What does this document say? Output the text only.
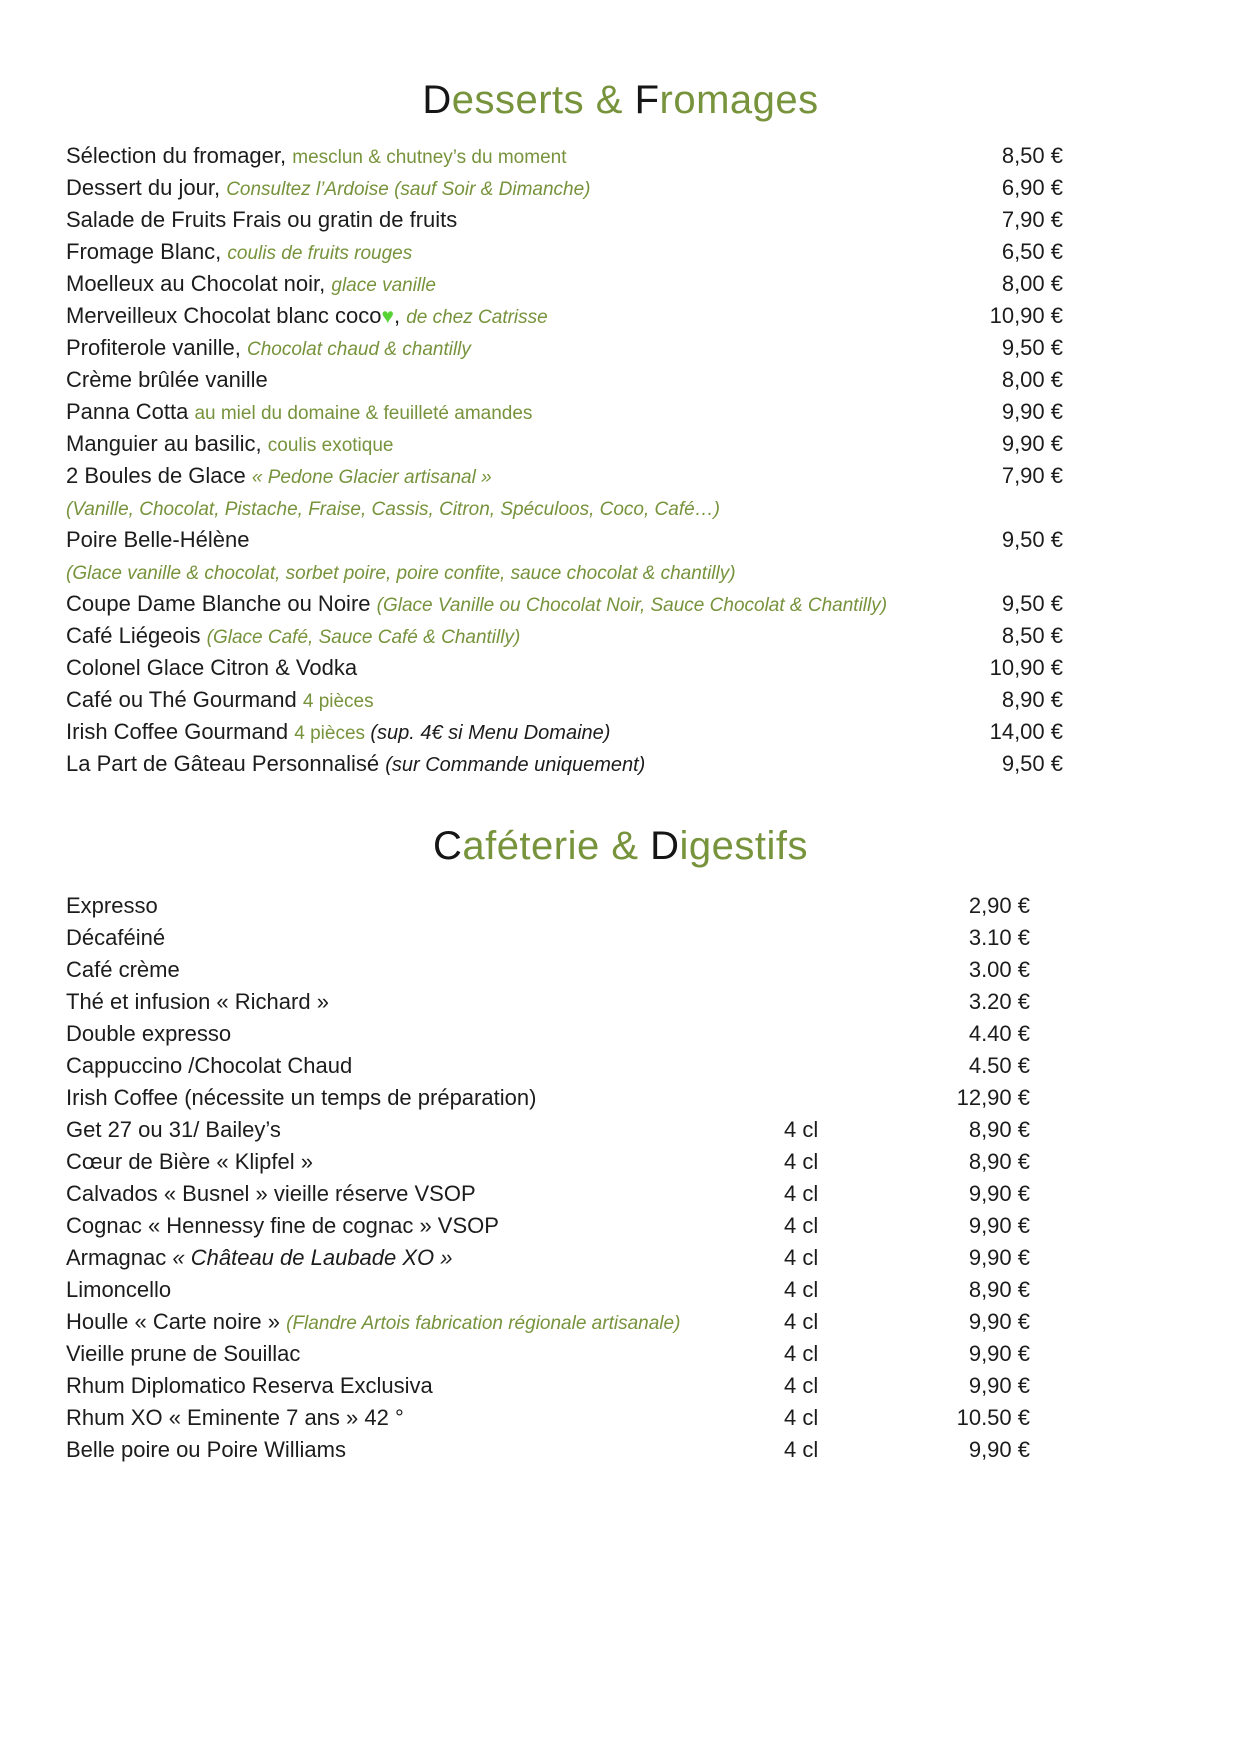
Desserts & Fromages
Sélection du fromager, mesclun & chutney’s du moment	8,50 €
Dessert du jour, Consultez l’Ardoise (sauf Soir & Dimanche)	6,90 €
Salade de Fruits Frais ou gratin de fruits	7,90 €
Fromage Blanc, coulis de fruits rouges	6,50 €
Moelleux au Chocolat noir, glace vanille	8,00 €
Merveilleux Chocolat blanc coco♥, de chez Catrisse	10,90 €
Profiterole vanille, Chocolat chaud & chantilly	9,50 €
Crème brûlée vanille	8,00 €
Panna Cotta au miel du domaine & feuilleté amandes	9,90 €
Manguier au basilic, coulis exotique	9,90 €
2 Boules de Glace « Pedone Glacier artisanal »	7,90 €
(Vanille, Chocolat, Pistache, Fraise, Cassis, Citron, Spéculoos, Coco, Café…)
Poire Belle-Hélène	9,50 €
(Glace vanille & chocolat, sorbet poire, poire confite, sauce chocolat & chantilly)
Coupe Dame Blanche ou Noire (Glace Vanille ou Chocolat Noir, Sauce Chocolat & Chantilly)	9,50 €
Café Liégeois (Glace Café, Sauce Café & Chantilly)	8,50 €
Colonel Glace Citron & Vodka	10,90 €
Café ou Thé Gourmand 4 pièces	8,90 €
Irish Coffee Gourmand 4 pièces (sup. 4€ si Menu Domaine)	14,00 €
La Part de Gâteau Personnalisé (sur Commande uniquement)	9,50 €
Caféterie & Digestifs
Expresso	2,90 €
Décaféiné	3.10 €
Café crème	3.00 €
Thé et infusion « Richard »	3.20 €
Double expresso	4.40 €
Cappuccino /Chocolat Chaud	4.50 €
Irish Coffee (nécessite un temps de préparation)	12,90 €
Get 27 ou 31/ Bailey’s	4 cl	8,90 €
Cœur de Bière « Klipfel »	4 cl	8,90 €
Calvados « Busnel » vieille réserve VSOP	4 cl	9,90 €
Cognac « Hennessy fine de cognac » VSOP	4 cl	9,90 €
Armagnac « Château de Laubade XO »	4 cl	9,90 €
Limoncello	4 cl	8,90 €
Houlle « Carte noire » (Flandre Artois fabrication régionale artisanale)	4 cl	9,90 €
Vieille prune de Souillac	4 cl	9,90 €
Rhum Diplomatico Reserva Exclusiva	4 cl	9,90 €
Rhum XO « Eminente 7 ans » 42 °	4 cl	10.50 €
Belle poire ou Poire Williams	4 cl	9,90 €
